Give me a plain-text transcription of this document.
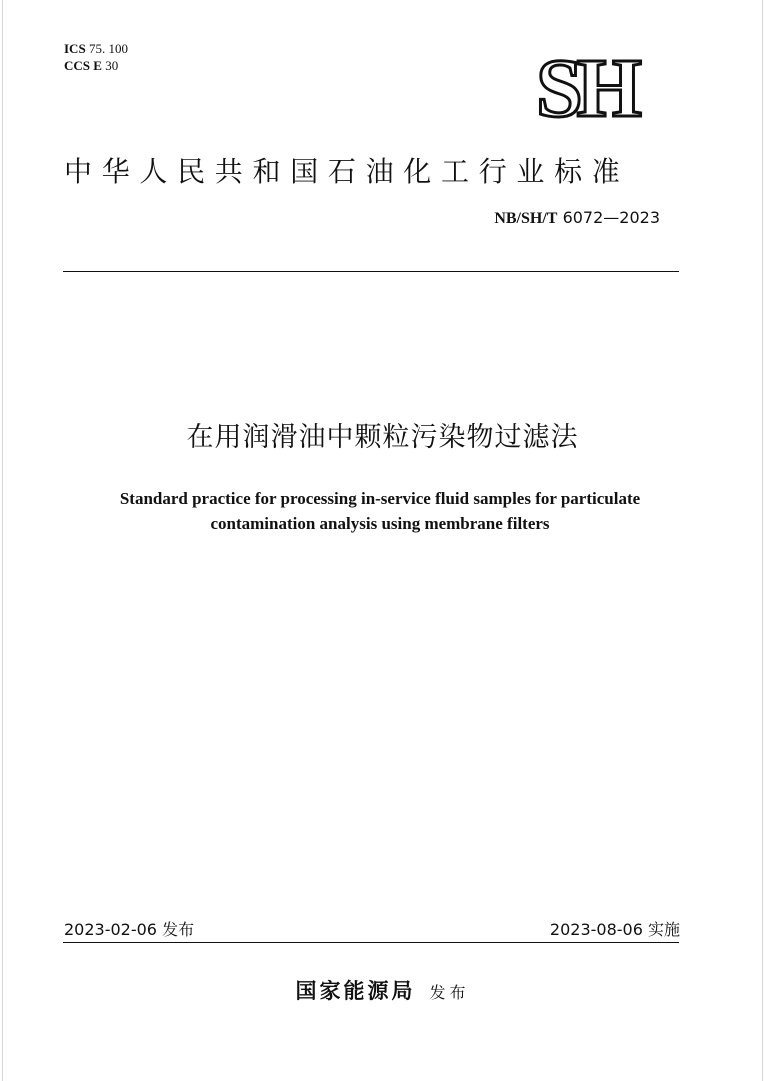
ICS 75. 100
CCS E 30	SH
中华人民共和国石油化工行业标准
NB/SH/T 6072—2023
在用润滑油中颗粒污染物过滤法
Standard practice for processing in-service fluid samples for particulate
contamination analysis using membrane filters
2023-02-06 发布	2023-08-06 实施
国家能源局 发布
